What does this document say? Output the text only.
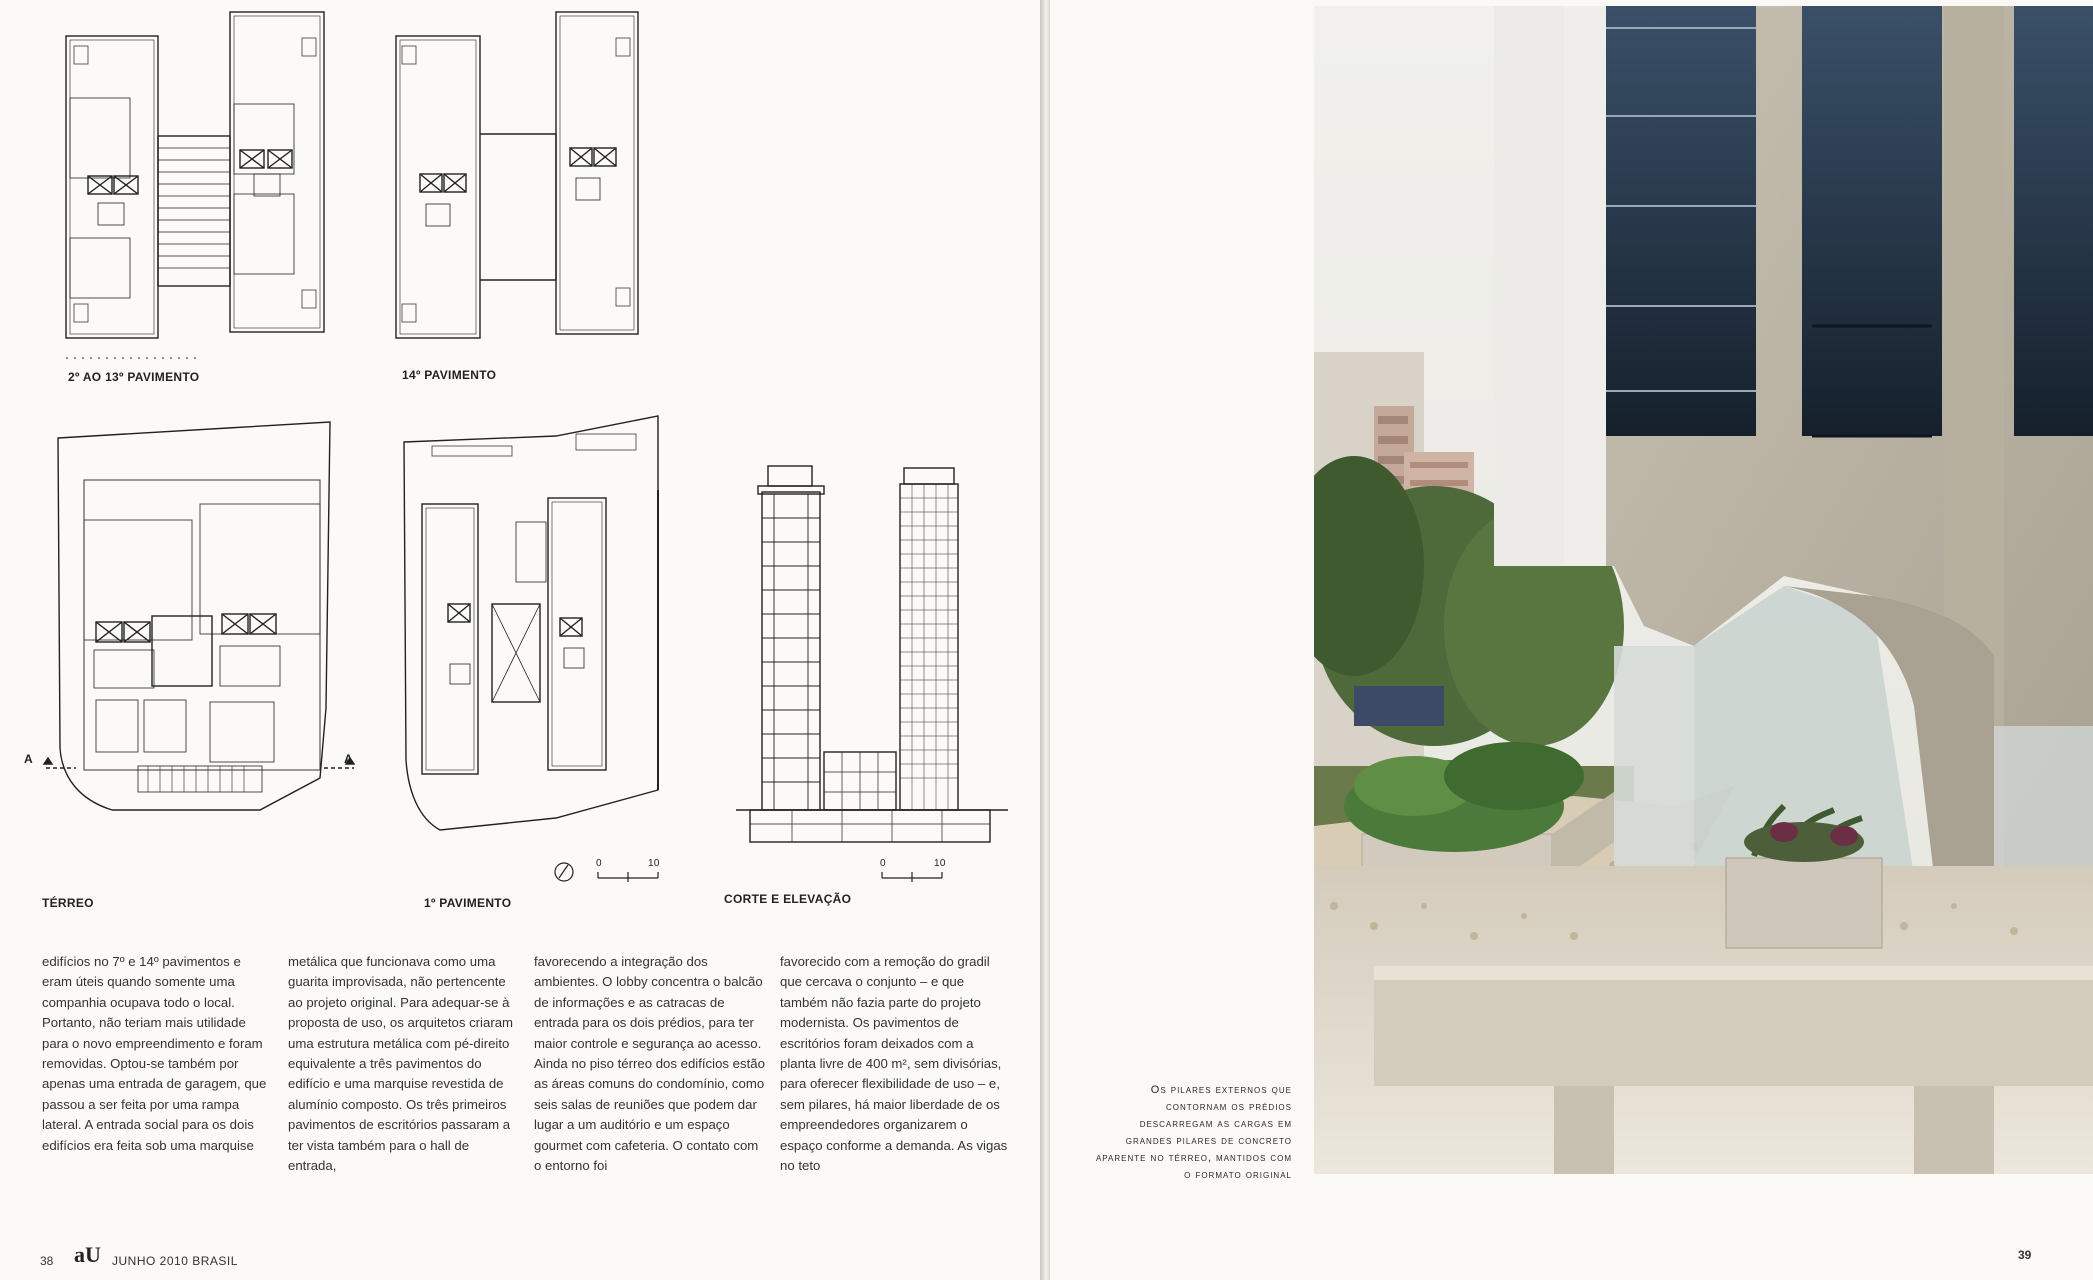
2º AO 13º PAVIMENTO	14º PAVIMENTO
A	A
TÉRREO
0	10
1º PAVIMENTO
0	10
CORTE E ELEVAÇÃO

edifícios no 7º e 14º pavimentos e eram úteis quando somente uma companhia ocupava todo o local. Portanto, não teriam mais utilidade para o novo empreendimento e foram removidas. Optou-se também por apenas uma entrada de garagem, que passou a ser feita por uma rampa lateral. A entrada social para os dois edifícios era feita sob uma marquise

metálica que funcionava como uma guarita improvisada, não pertencente ao projeto original. Para adequar-se à proposta de uso, os arquitetos criaram uma estrutura metálica com pé-direito equivalente a três pavimentos do edifício e uma marquise revestida de alumínio composto. Os três primeiros pavimentos de escritórios passaram a ter vista também para o hall de entrada,

favorecendo a integração dos ambientes. O lobby concentra o balcão de informações e as catracas de entrada para os dois prédios, para ter maior controle e segurança ao acesso. Ainda no piso térreo dos edifícios estão as áreas comuns do condomínio, como seis salas de reuniões que podem dar lugar a um auditório e um espaço gourmet com cafeteria. O contato com o entorno foi

favorecido com a remoção do gradil que cercava o conjunto – e que também não fazia parte do projeto modernista. Os pavimentos de escritórios foram deixados com a planta livre de 400 m², sem divisórias, para oferecer flexibilidade de uso – e, sem pilares, há maior liberdade de os empreendedores organizarem o espaço conforme a demanda. As vigas no teto

38 aU JUNHO 2010 BRASIL
Os pilares externos que contornam os prédios descarregam as cargas em grandes pilares de concreto aparente no térreo, mantidos com o formato original
39
